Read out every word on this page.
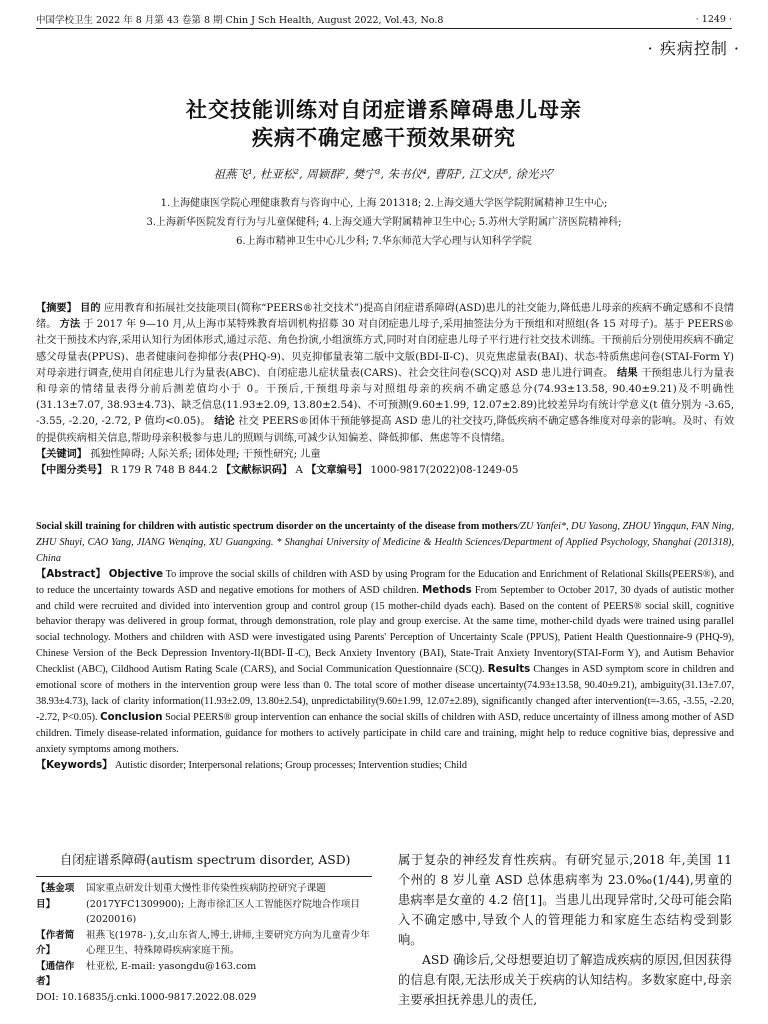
中国学校卫生 2022 年 8 月第 43 卷第 8 期 Chin J Sch Health, August 2022, Vol.43, No.8	· 1249 ·
· 疾病控制 ·
社交技能训练对自闭症谱系障碍患儿母亲
疾病不确定感干预效果研究
祖燕飞¹, 杜亚松², 周颖群², 樊宁³, 朱书仪⁴, 曹阳⁵, 江文庆⁶, 徐光兴⁷
1.上海健康医学院心理健康教育与咨询中心, 上海 201318; 2.上海交通大学医学院附属精神卫生中心;
3.上海新华医院发育行为与儿童保健科; 4.上海交通大学附属精神卫生中心; 5.苏州大学附属广济医院精神科;
6.上海市精神卫生中心儿少科; 7.华东师范大学心理与认知科学学院

【摘要】 目的 应用教育和拓展社交技能项目(简称“PEERS®社交技术”)提高自闭症谱系障碍(ASD)患儿的社交能力,降低患儿母亲的疾病不确定感和不良情绪。 方法 于 2017 年 9—10 月,从上海市某特殊教育培训机构招募 30 对自闭症患儿母子,采用抽签法分为干预组和对照组(各 15 对母子)。基于 PEERS®社交干预技术内容,采用认知行为团体形式,通过示范、角色扮演,小组演练方式,同时对自闭症患儿母子平行进行社交技术训练。干预前后分别使用疾病不确定感父母量表(PPUS)、患者健康问卷抑郁分表(PHQ-9)、贝克抑郁量表第二版中文版(BDI-Ⅱ-C)、贝克焦虑量表(BAI)、状态-特质焦虑问卷(STAI-Form Y)对母亲进行调查,使用自闭症患儿行为量表(ABC)、自闭症患儿症状量表(CARS)、社会交往问卷(SCQ)对 ASD 患儿进行调查。 结果 干预组患儿行为量表和母亲的情绪量表得分前后测差值均小于 0。干预后,干预组母亲与对照组母亲的疾病不确定感总分(74.93±13.58, 90.40±9.21)及不明确性(31.13±7.07, 38.93±4.73)、缺乏信息(11.93±2.09, 13.80±2.54)、不可预测(9.60±1.99, 12.07±2.89)比较差异均有统计学意义(t 值分别为 -3.65, -3.55, -2.20, -2.72, P 值均<0.05)。 结论 社交 PEERS®团体干预能够提高 ASD 患儿的社交技巧,降低疾病不确定感各维度对母亲的影响。及时、有效的提供疾病相关信息,帮助母亲积极参与患儿的照顾与训练,可减少认知偏差、降低抑郁、焦虑等不良情绪。

【关键词】 孤独性障碍; 人际关系; 团体处理; 干预性研究; 儿童

【中图分类号】 R 179 R 748 B 844.2 【文献标识码】 A 【文章编号】 1000-9817(2022)08-1249-05

Social skill training for children with autistic spectrum disorder on the uncertainty of the disease from mothers/ZU Yanfei*, DU Yasong, ZHOU Yingqun, FAN Ning, ZHU Shuyi, CAO Yang, JIANG Wenqing, XU Guangxing. * Shanghai University of Medicine & Health Sciences/Department of Applied Psychology, Shanghai (201318), China

【Abstract】 Objective To improve the social skills of children with ASD by using Program for the Education and Enrichment of Relational Skills(PEERS®), and to reduce the uncertainty towards ASD and negative emotions for mothers of ASD children. Methods From September to October 2017, 30 dyads of autistic mother and child were recruited and divided into intervention group and control group (15 mother-child dyads each). Based on the content of PEERS® social skill, cognitive behavior therapy was delivered in group format, through demonstration, role play and group exercise. At the same time, mother-child dyads were trained using parallel social technology. Mothers and children with ASD were investigated using Parents' Perception of Uncertainty Scale (PPUS), Patient Health Questionnaire-9 (PHQ-9), Chinese Version of the Beck Depression Inventory-II(BDI-Ⅱ-C), Beck Anxiety Inventory (BAI), State-Trait Anxiety Inventory(STAI-Form Y), and Autism Behavior Checklist (ABC), Cildhood Autism Rating Scale (CARS), and Social Communication Questionnaire (SCQ). Results Changes in ASD symptom score in children and emotional score of mothers in the intervention group were less than 0. The total score of mother disease uncertainty(74.93±13.58, 90.40±9.21), ambiguity(31.13±7.07, 38.93±4.73), lack of clarity information(11.93±2.09, 13.80±2.54), unpredictability(9.60±1.99, 12.07±2.89), significantly changed after intervention(t=-3.65, -3.55, -2.20, -2.72, P<0.05). Conclusion Social PEERS® group intervention can enhance the social skills of children with ASD, reduce uncertainty of illness among mother of ASD children. Timely disease-related information, guidance for mothers to actively participate in child care and training, might help to reduce cognitive bias, depressive and anxiety symptoms among mothers.

【Keywords】 Autistic disorder; Interpersonal relations; Group processes; Intervention studies; Child

自闭症谱系障碍(autism spectrum disorder, ASD)

【基金项目】
国家重点研发计划重大慢性非传染性疾病防控研究子课题(2017YFC1309900); 上海市徐汇区人工智能医疗院地合作项目(2020016)
【作者简介】
祖燕飞(1978- ),女,山东省人,博士,讲师,主要研究方向为儿童青少年心理卫生、特殊障碍疾病家庭干预。
【通信作者】
杜亚松, E-mail: yasongdu@163.com
DOI: 10.16835/j.cnki.1000-9817.2022.08.029

属于复杂的神经发育性疾病。有研究显示,2018 年,美国 11 个州的 8 岁儿童 ASD 总体患病率为 23.0‰(1/44),男童的患病率是女童的 4.2 倍[1]。当患儿出现异常时,父母可能会陷入不确定感中,导致个人的管理能力和家庭生态结构受到影响。

ASD 确诊后,父母想要迫切了解造成疾病的原因,但因获得的信息有限,无法形成关于疾病的认知结构。多数家庭中,母亲主要承担抚养患儿的责任,
